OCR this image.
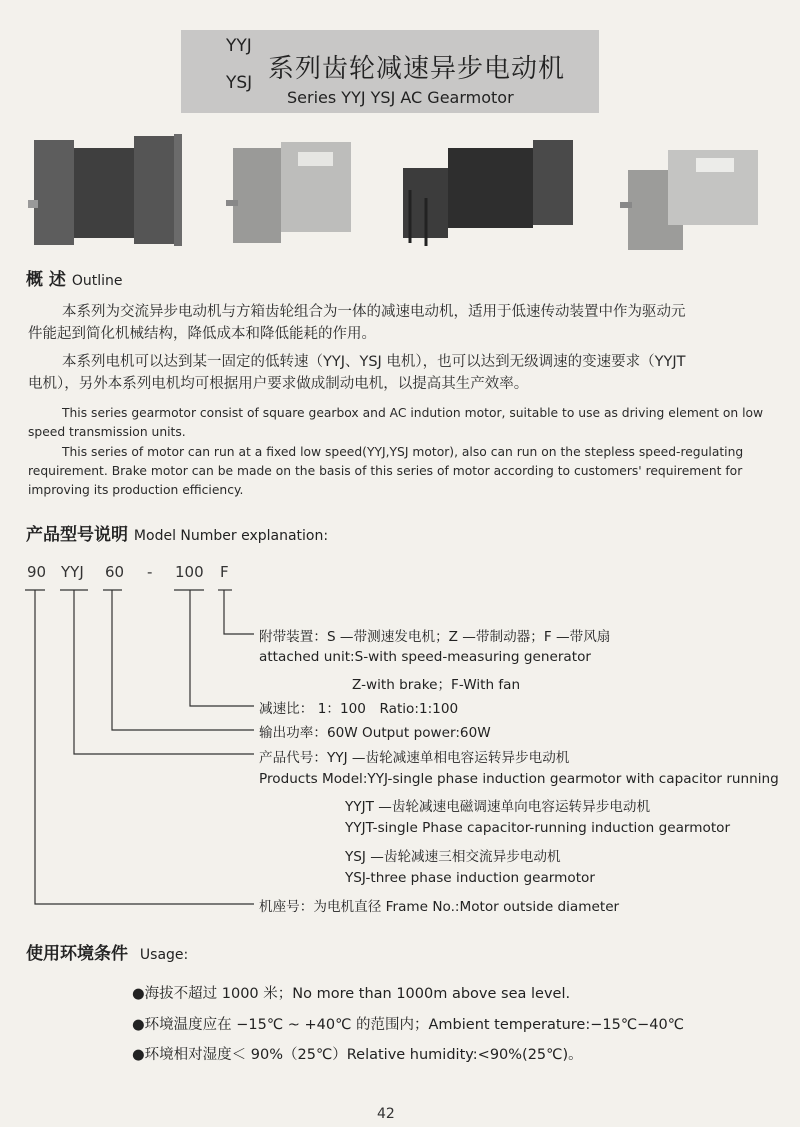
YYJ
YSJ 系列齿轮减速异步电动机
Series YYJ YSJ AC Gearmotor
概 述 Outline
本系列为交流异步电动机与方箱齿轮组合为一体的减速电动机，适用于低速传动装置中作为驱动元
件能起到简化机械结构，降低成本和降低能耗的作用。
本系列电机可以达到某一固定的低转速（YYJ、YSJ 电机），也可以达到无级调速的变速要求（YYJT
电机），另外本系列电机均可根据用户要求做成制动电机，以提高其生产效率。
This series gearmotor consist of square gearbox and AC indution motor, suitable to use as driving element on low
speed transmission units.
This series of motor can run at a fixed low speed(YYJ,YSJ motor), also can run on the stepless speed-regulating
requirement. Brake motor can be made on the basis of this series of motor according to customers' requirement for
improving its production efficiency.
产品型号说明 Model Number explanation:
90 YYJ 60 - 100 F
附带装置：S —带测速发电机；Z —带制动器；F —带风扇
attached unit:S-with speed-measuring generator
Z-with brake；F-With fan
减速比： 1：100　Ratio:1:100
输出功率：60W Output power:60W
产品代号：YYJ —齿轮减速单相电容运转异步电动机
Products Model:YYJ-single phase induction gearmotor with capacitor running
YYJT —齿轮减速电磁调速单向电容运转异步电动机
YYJT-single Phase capacitor-running induction gearmotor
YSJ —齿轮减速三相交流异步电动机
YSJ-three phase induction gearmotor
机座号：为电机直径 Frame No.:Motor outside diameter
使用环境条件 Usage:
●海拔不超过 1000 米；No more than 1000m above sea level.
●环境温度应在 −15℃ ~ +40℃ 的范围内；Ambient temperature:−15℃−40℃
●环境相对湿度＜ 90%（25℃）Relative humidity:<90%(25℃)。
42
